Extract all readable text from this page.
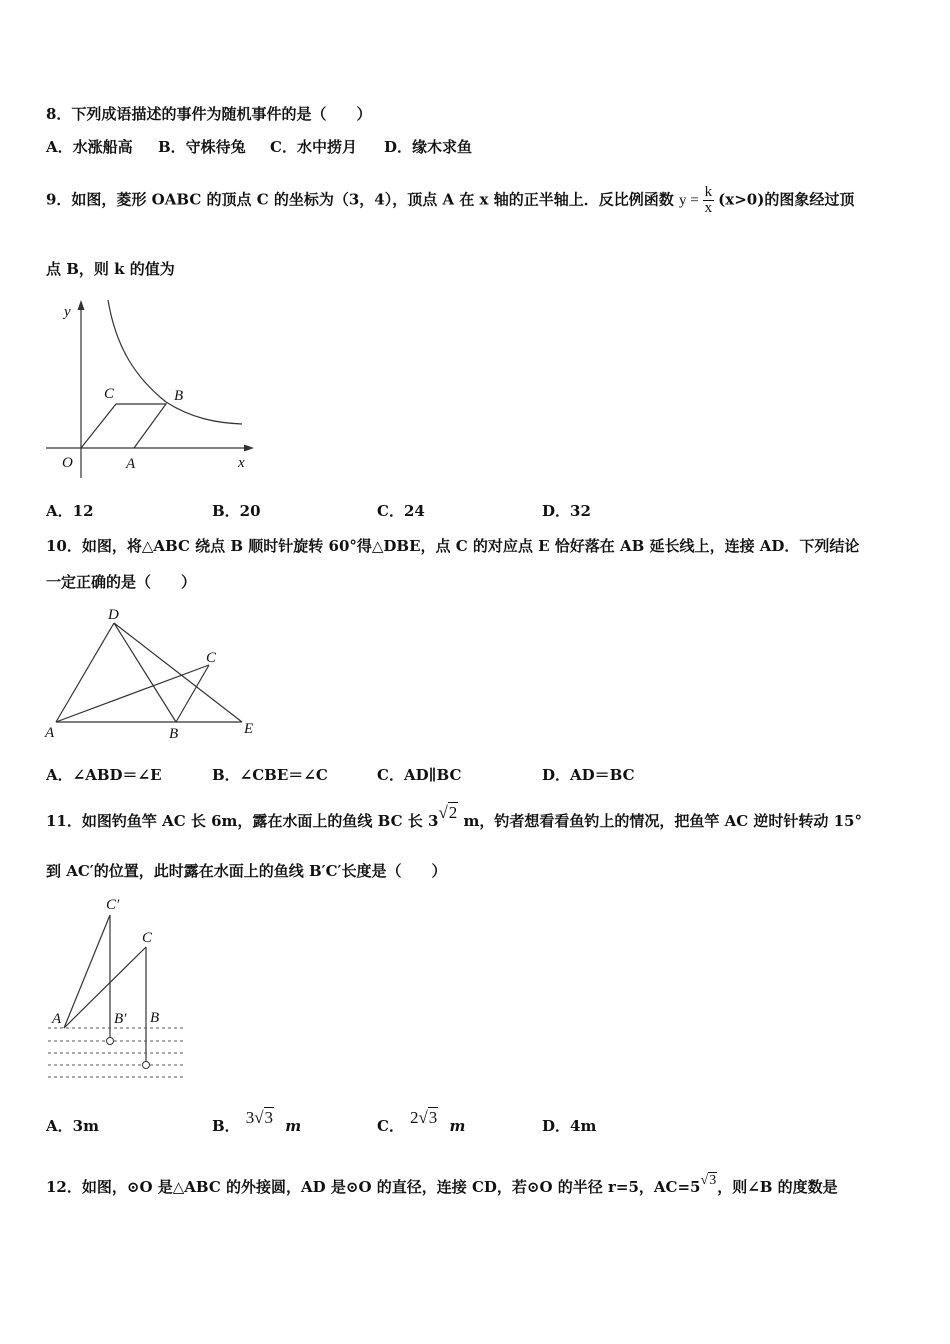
8．下列成语描述的事件为随机事件的是（　　）
A．水涨船高 B．守株待兔 C．水中捞月 D．缘木求鱼
9．如图，菱形 OABC 的顶点 C 的坐标为（3，4），顶点 A 在 x 轴的正半轴上．反比例函数 $y = \frac{k}{x} (x>0)$的图象经过顶
点 B，则 k 的值为
y
x
O	A
B
C
A．12	B．20	C．24	D．32
10．如图，将△ABC 绕点 B 顺时针旋转 60°得△DBE，点 C 的对应点 E 恰好落在 AB 延长线上，连接 AD．下列结论
一定正确的是（　　）
D
C
A	B	E
A．∠ABD＝∠E	B．∠CBE＝∠C	C．AD∥BC	D．AD＝BC
11．如图钓鱼竿 AC 长 6m，露在水面上的鱼线 BC 长 3√2 m，钓者想看看鱼钓上的情况，把鱼竿 AC 逆时针转动 15°
到 AC′的位置，此时露在水面上的鱼线 B′C′长度是（　　）
C′
C
A	B′ B
A．3m	B． 3√3 m	C． 2√3 m	D．4m
12．如图，⊙O 是△ABC 的外接圆，AD 是⊙O 的直径，连接 CD，若⊙O 的半径 r=5，AC=5√3，则∠B 的度数是
